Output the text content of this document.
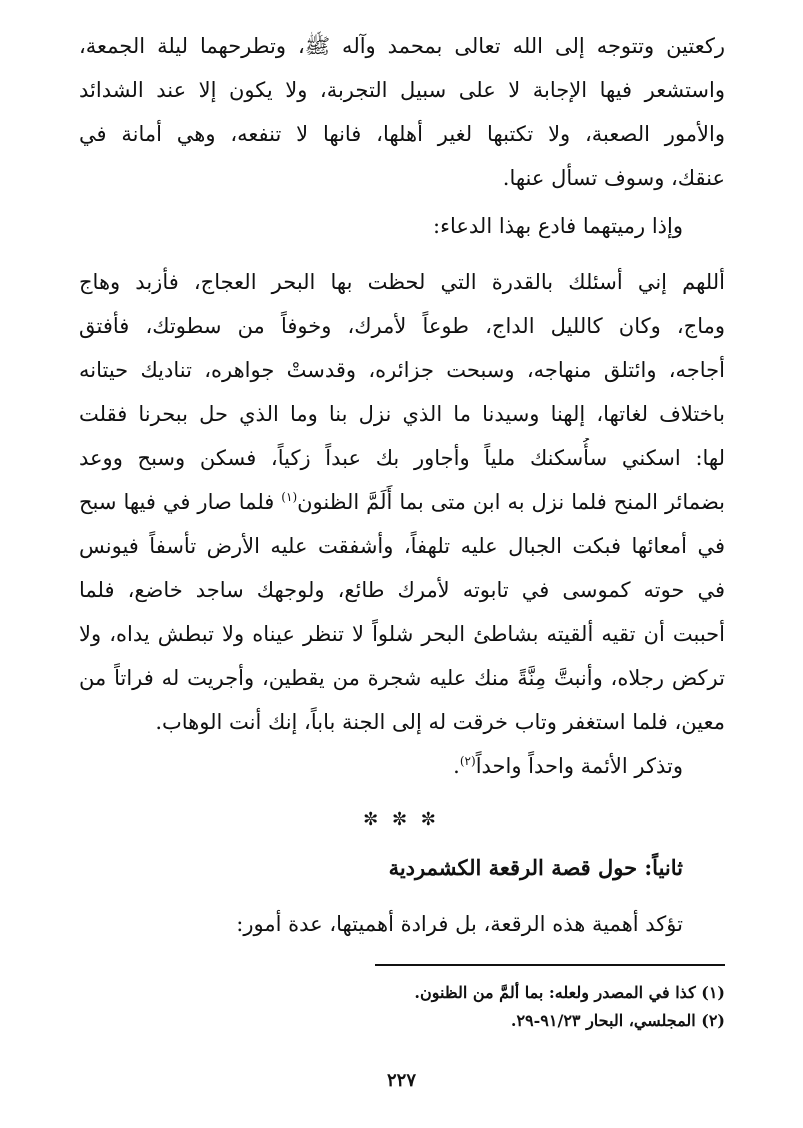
ركعتين وتتوجه إلى الله تعالى بمحمد وآله ﷺ، وتطرحهما ليلة الجمعة،
واستشعر فيها الإجابة لا على سبيل التجربة، ولا يكون إلا عند الشدائد
والأمور الصعبة، ولا تكتبها لغير أهلها، فانها لا تنفعه، وهي أمانة في
عنقك، وسوف تسأل عنها.
وإذا رميتهما فادع بهذا الدعاء:
أللهم إني أسئلك بالقدرة التي لحظت بها البحر العجاج، فأزبد وهاج
وماج، وكان كالليل الداج، طوعاً لأمرك، وخوفاً من سطوتك، فأفتق
أجاجه، وائتلق منهاجه، وسبحت جزائره، وقدستْ جواهره، تناديك حيتانه
باختلاف لغاتها، إلهنا وسيدنا ما الذي نزل بنا وما الذي حل ببحرنا فقلت
لها: اسكني سأُسكنك ملياً وأجاور بك عبداً زكياً، فسكن وسبح ووعد
بضمائر المنح فلما نزل به ابن متى بما أَلَمَّ الظنون$^{(١)}$ فلما صار في فيها سبح
في أمعائها فبكت الجبال عليه تلهفاً، وأشفقت عليه الأرض تأسفاً فيونس
في حوته كموسى في تابوته لأمرك طائع، ولوجهك ساجد خاضع، فلما
أحببت أن تقيه ألقيته بشاطئ البحر شلواً لا تنظر عيناه ولا تبطش يداه، ولا
تركض رجلاه، وأنبتَّ مِنَّةً منك عليه شجرة من يقطين، وأجريت له فراتاً من
معين، فلما استغفر وتاب خرقت له إلى الجنة باباً، إنك أنت الوهاب.
وتذكر الأئمة واحداً واحداً$^{(٢)}$.
✼ ✼ ✼
ثانياً: حول قصة الرقعة الكشمردية
تؤكد أهمية هذه الرقعة، بل فرادة أهميتها، عدة أمور:
(١) كذا في المصدر ولعله: بما ألمَّ من الظنون.
(٢) المجلسي، البحار ٩١/٢٣-٢٩.
٢٢٧
